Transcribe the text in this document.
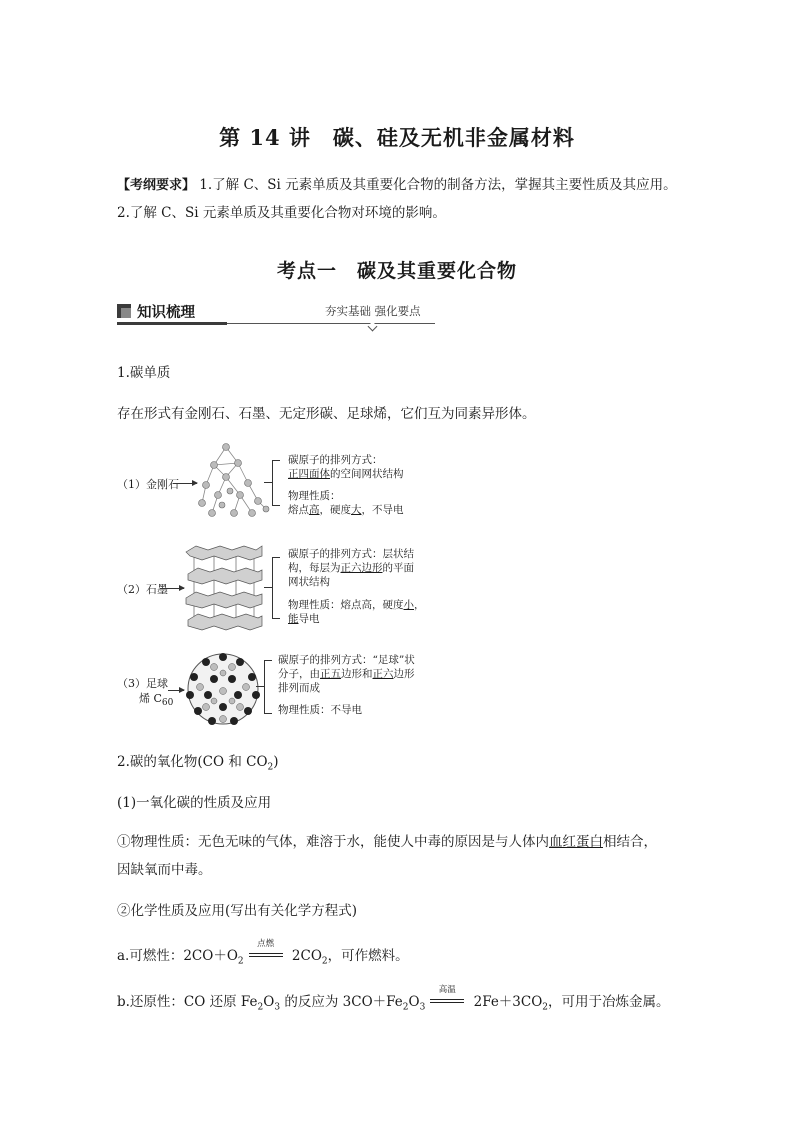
第 14 讲　碳、硅及无机非金属材料
【考纲要求】 1.了解 C、Si 元素单质及其重要化合物的制备方法，掌握其主要性质及其应用。
2.了解 C、Si 元素单质及其重要化合物对环境的影响。
考点一　碳及其重要化合物
知识梳理	夯实基础 强化要点
1.碳单质
存在形式有金刚石、石墨、无定形碳、足球烯，它们互为同素异形体。
（1）金刚石
碳原子的排列方式：
正四面体的空间网状结构
物理性质：
熔点高，硬度大，不导电
（2）石墨
碳原子的排列方式：层状结
构，每层为正六边形的平面
网状结构
物理性质：熔点高，硬度小，
能导电
（3）足球
烯 $C_{60}$
碳原子的排列方式：“足球”状
分子，由正五边形和正六边形
排列而成
物理性质：不导电
2.碳的氧化物(CO 和 $CO_2$)
(1)一氧化碳的性质及应用
①物理性质：无色无味的气体，难溶于水，能使人中毒的原因是与人体内血红蛋白相结合，
因缺氧而中毒。
②化学性质及应用(写出有关化学方程式)
a.可燃性：$2CO+O_2$
点燃
$2CO_2$，可作燃料。
b.还原性：CO 还原 $Fe_2O_3$ 的反应为 $3CO+Fe_2O_3$
高温
$2Fe+3CO_2$，可用于冶炼金属。
